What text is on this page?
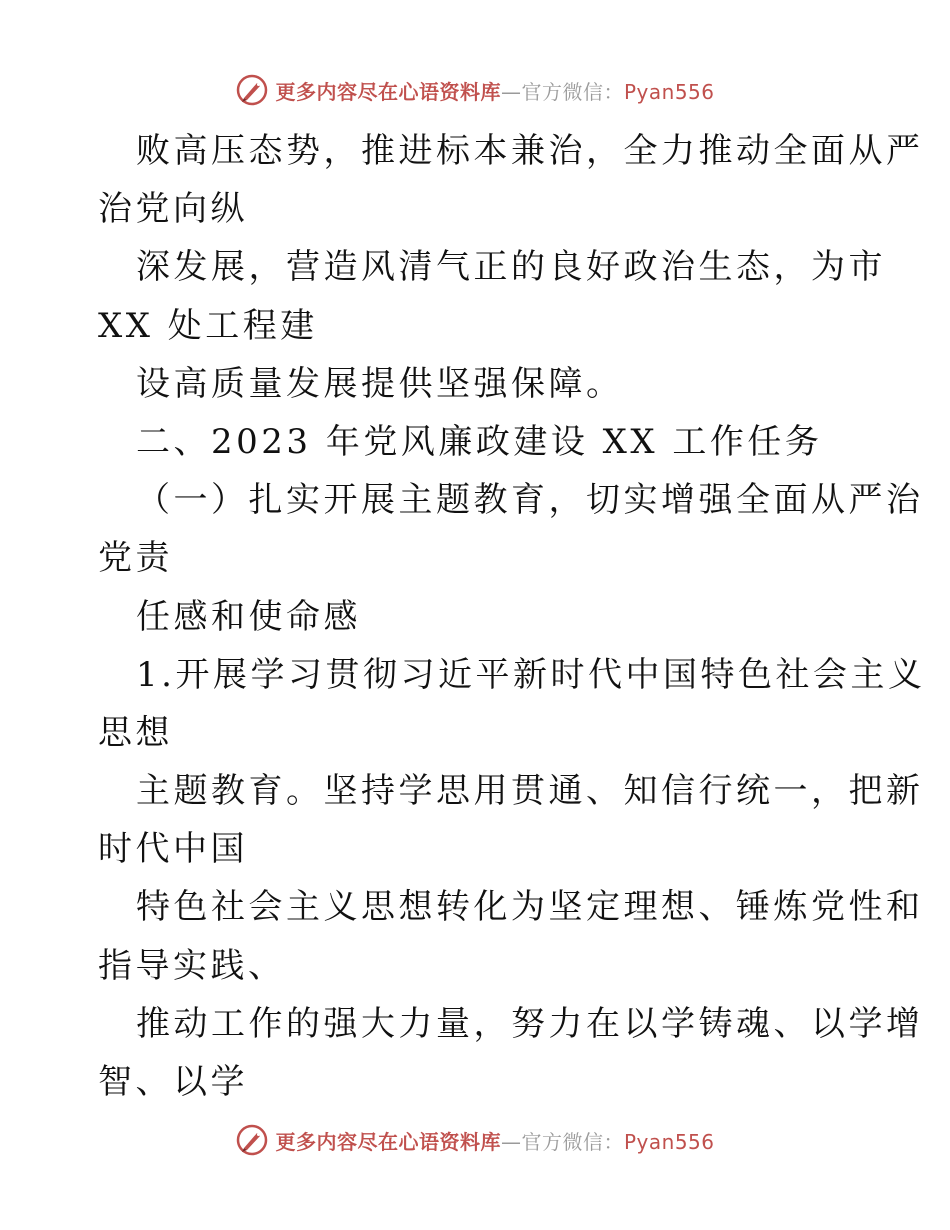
更多内容尽在心语资料库—官方微信：Pyan556
败高压态势，推进标本兼治，全力推动全面从严
治党向纵
深发展，营造风清气正的良好政治生态，为市
XX 处工程建
设高质量发展提供坚强保障。
二、2023 年党风廉政建设 XX 工作任务
（一）扎实开展主题教育，切实增强全面从严治
党责
任感和使命感
1.开展学习贯彻习近平新时代中国特色社会主义
思想
主题教育。坚持学思用贯通、知信行统一，把新
时代中国
特色社会主义思想转化为坚定理想、锤炼党性和
指导实践、
推动工作的强大力量，努力在以学铸魂、以学增
智、以学
更多内容尽在心语资料库—官方微信：Pyan556
